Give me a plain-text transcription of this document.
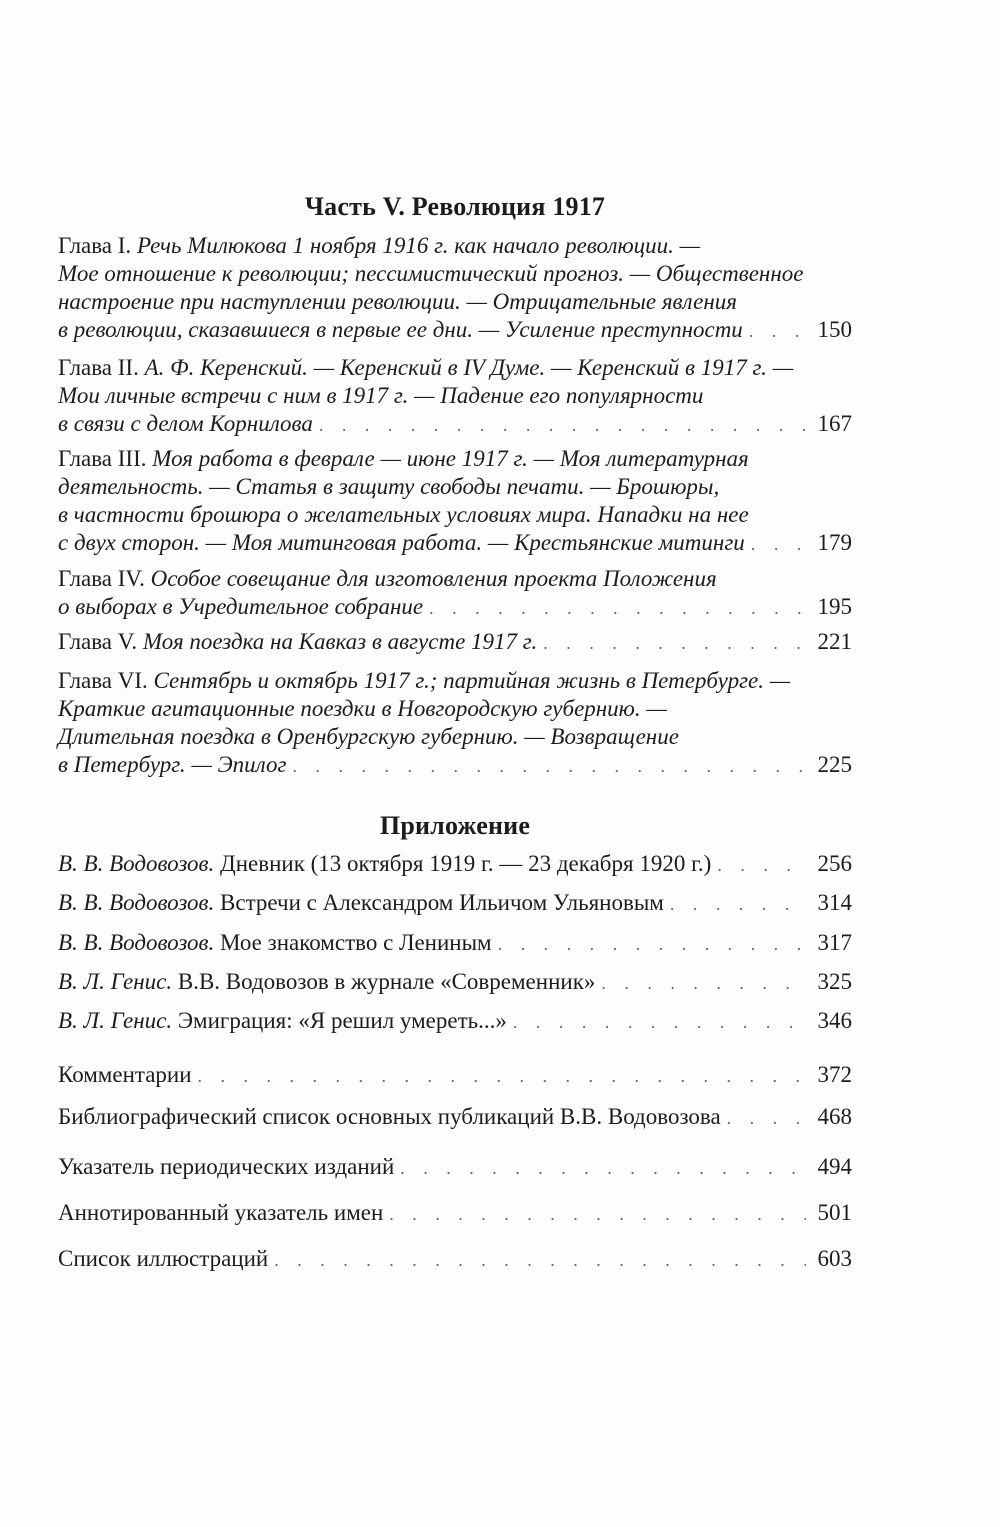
Часть V. Революция 1917
Глава I. Речь Милюкова 1 ноября 1916 г. как начало революции. —
Мое отношение к революции; пессимистический прогноз. — Общественное
настроение при наступлении революции. — Отрицательные явления
в революции, сказавшиеся в первые ее дни. — Усиление преступности . . .	150
Глава II. А. Ф. Керенский. — Керенский в IV Думе. — Керенский в 1917 г. —
Мои личные встречи с ним в 1917 г. — Падение его популярности
в связи с делом Корнилова . . .	167
Глава III. Моя работа в феврале — июне 1917 г. — Моя литературная
деятельность. — Статья в защиту свободы печати. — Брошюры,
в частности брошюра о желательных условиях мира. Нападки на нее
с двух сторон. — Моя митинговая работа. — Крестьянские митинги . . .	179
Глава IV. Особое совещание для изготовления проекта Положения
о выборах в Учредительное собрание . . .	195
Глава V. Моя поездка на Кавказ в августе 1917 г. . . .	221
Глава VI. Сентябрь и октябрь 1917 г.; партийная жизнь в Петербурге. —
Краткие агитационные поездки в Новгородскую губернию. —
Длительная поездка в Оренбургскую губернию. — Возвращение
в Петербург. — Эпилог . . .	225
Приложение
В. В. Водовозов. Дневник (13 октября 1919 г. — 23 декабря 1920 г.) . . .	256
В. В. Водовозов. Встречи с Александром Ильичом Ульяновым . . .	314
В. В. Водовозов. Мое знакомство с Лениным . . .	317
В. Л. Генис. В.В. Водовозов в журнале «Современник» . . .	325
В. Л. Генис. Эмиграция: «Я решил умереть...» . . .	346
Комментарии . . .	372
Библиографический список основных публикаций В.В. Водовозова . . .	468
Указатель периодических изданий . . .	494
Аннотированный указатель имен . . .	501
Список иллюстраций . . .	603
